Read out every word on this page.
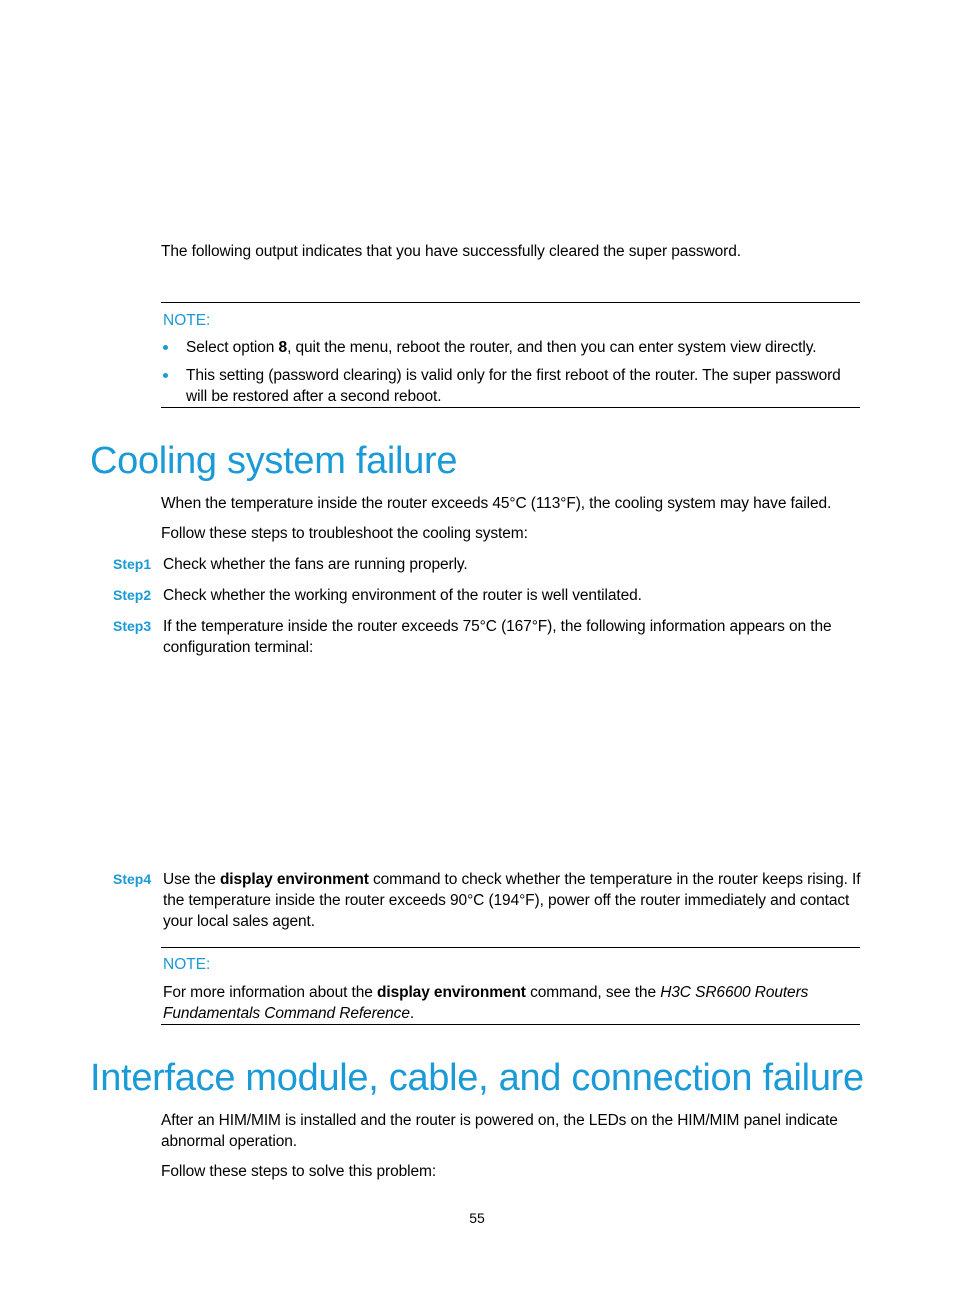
The following output indicates that you have successfully cleared the super password.
NOTE:
Select option 8, quit the menu, reboot the router, and then you can enter system view directly.
This setting (password clearing) is valid only for the first reboot of the router. The super password will be restored after a second reboot.
Cooling system failure
When the temperature inside the router exceeds 45°C (113°F), the cooling system may have failed.
Follow these steps to troubleshoot the cooling system:
Step1 Check whether the fans are running properly.
Step2 Check whether the working environment of the router is well ventilated.
Step3 If the temperature inside the router exceeds 75°C (167°F), the following information appears on the configuration terminal:
Step4 Use the display environment command to check whether the temperature in the router keeps rising. If the temperature inside the router exceeds 90°C (194°F), power off the router immediately and contact your local sales agent.
NOTE:
For more information about the display environment command, see the H3C SR6600 Routers Fundamentals Command Reference.
Interface module, cable, and connection failure
After an HIM/MIM is installed and the router is powered on, the LEDs on the HIM/MIM panel indicate abnormal operation.
Follow these steps to solve this problem:
55
